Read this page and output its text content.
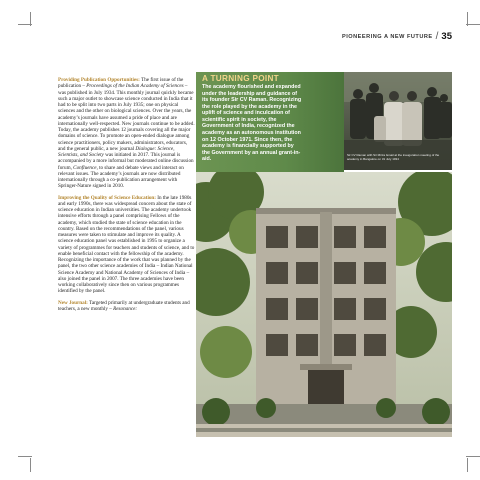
PIONEERING A NEW FUTURE / 35

Providing Publication Opportunities: The first issue of the publication – Proceedings of the Indian Academy of Sciences – was published in July 1934. This monthly journal quickly became such a major outlet to showcase science conducted in India that it had to be split into two parts in July 1935; one on physical sciences and the other on biological sciences. Over the years, the academy’s journals have assumed a pride of place and are internationally well-respected. New journals continue to be added. Today, the academy publishes 12 journals covering all the major domains of science. To promote an open-ended dialogue among science practitioners, policy makers, administrators, educators, and the general public, a new journal Dialogue: Science, Scientists, and Society was initiated in 2017. This journal is accompanied by a more informal but moderated online discussion forum, Confluence, to share and debate views and interact on relevant issues. The academy’s journals are now distributed internationally through a co-publication arrangement with Springer-Nature signed in 2010.

Improving the Quality of Science Education: In the late 1980s and early 1990s, there was widespread concern about the state of science education in Indian universities. The academy undertook intensive efforts through a panel comprising Fellows of the academy, which studied the state of science education in the country. Based on the recommendations of the panel, various measures were taken to stimulate and improve its quality. A science education panel was established in 1995 to organize a variety of programmes for teachers and students of science, and to enable beneficial contact with the fellowship of the academy. Recognizing the importance of the work that was planned by the panel, the two other science academies of India – Indian National Science Academy and National Academy of Sciences of India – also joined the panel in 2007. The three academies have been working collaboratively since then on various programmes identified by the panel.

New Journal: Targeted primarily at undergraduate students and teachers, a new monthly – Resonance:

A TURNING POINT
The academy flourished and expanded under the leadership and guidance of its founder Sir CV Raman. Recognizing the role played by the academy in the uplift of science and inculcation of scientific spirit in society, the Government of India, recognized the academy as an autonomous institution on 12 October 1971. Since then, the academy is financially supported by the Government by an annual grant-in-aid.
Sir CV Raman with Sir Mirza Ismail at the inauguration meeting of the academy in Bangalore on 31 July 1934
